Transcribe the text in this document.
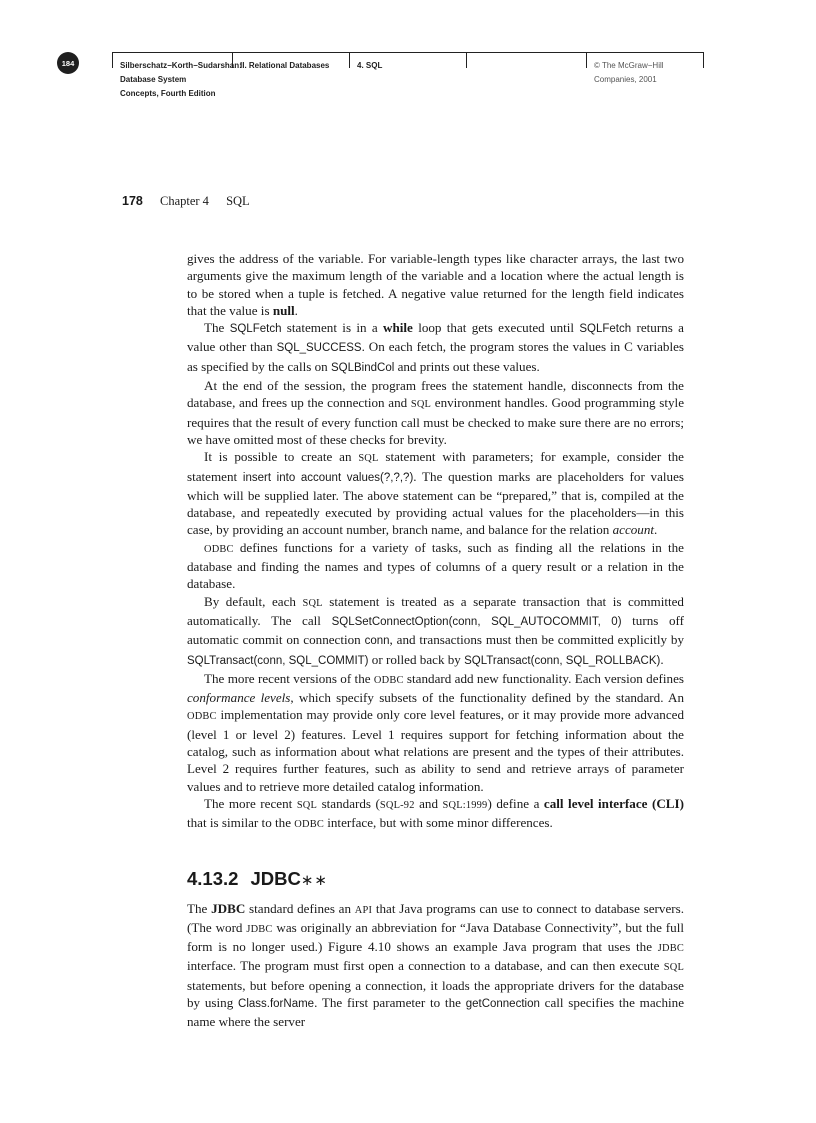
184	Silberschatz−Korth−Sudarshan:
Database System
Concepts, Fourth Edition
II. Relational Databases	4. SQL	© The McGraw−Hill
Companies, 2001
178 Chapter 4 SQL

gives the address of the variable. For variable-length types like character arrays, the last two arguments give the maximum length of the variable and a location where the actual length is to be stored when a tuple is fetched. A negative value returned for the length field indicates that the value is null.

The SQLFetch statement is in a while loop that gets executed until SQLFetch returns a value other than SQL_SUCCESS. On each fetch, the program stores the values in C variables as specified by the calls on SQLBindCol and prints out these values.

At the end of the session, the program frees the statement handle, disconnects from the database, and frees up the connection and SQL environment handles. Good programming style requires that the result of every function call must be checked to make sure there are no errors; we have omitted most of these checks for brevity.

It is possible to create an SQL statement with parameters; for example, consider the statement insert into account values(?,?,?). The question marks are placeholders for values which will be supplied later. The above statement can be “prepared,” that is, compiled at the database, and repeatedly executed by providing actual values for the placeholders—in this case, by providing an account number, branch name, and balance for the relation account.

ODBC defines functions for a variety of tasks, such as finding all the relations in the database and finding the names and types of columns of a query result or a relation in the database.

By default, each SQL statement is treated as a separate transaction that is committed automatically. The call SQLSetConnectOption(conn, SQL_AUTOCOMMIT, 0) turns off automatic commit on connection conn, and transactions must then be committed explicitly by SQLTransact(conn, SQL_COMMIT) or rolled back by SQLTransact(conn, SQL_ROLLBACK).

The more recent versions of the ODBC standard add new functionality. Each version defines conformance levels, which specify subsets of the functionality defined by the standard. An ODBC implementation may provide only core level features, or it may provide more advanced (level 1 or level 2) features. Level 1 requires support for fetching information about the catalog, such as information about what relations are present and the types of their attributes. Level 2 requires further features, such as ability to send and retrieve arrays of parameter values and to retrieve more detailed catalog information.

The more recent SQL standards (SQL-92 and SQL:1999) define a call level interface (CLI) that is similar to the ODBC interface, but with some minor differences.

4.13.2 JDBC∗∗

The JDBC standard defines an API that Java programs can use to connect to database servers. (The word JDBC was originally an abbreviation for “Java Database Connectivity”, but the full form is no longer used.) Figure 4.10 shows an example Java program that uses the JDBC interface. The program must first open a connection to a database, and can then execute SQL statements, but before opening a connection, it loads the appropriate drivers for the database by using Class.forName. The first parameter to the getConnection call specifies the machine name where the server
